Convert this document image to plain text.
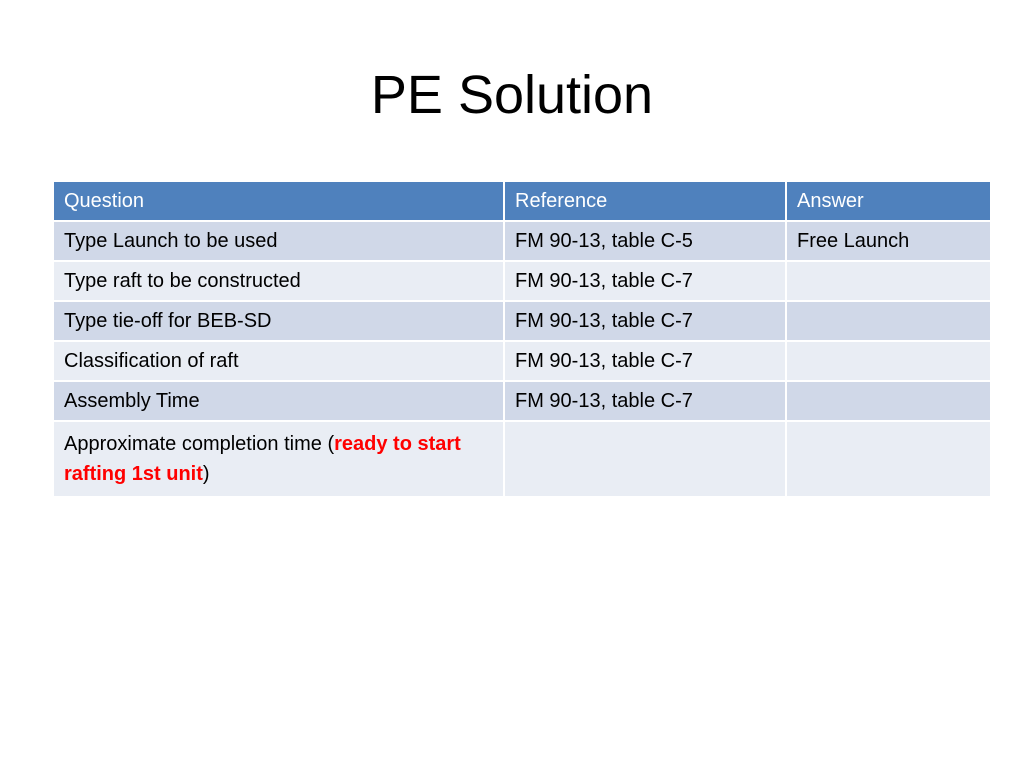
PE Solution
Question	Reference	Answer
Type Launch to be used	FM 90-13, table C-5	Free Launch
Type raft to be constructed	FM 90-13, table C-7	
Type tie-off for BEB-SD	FM 90-13, table C-7	
Classification of raft	FM 90-13, table C-7	
Assembly Time	FM 90-13, table C-7	
Approximate completion time (ready to start rafting 1st unit)		
